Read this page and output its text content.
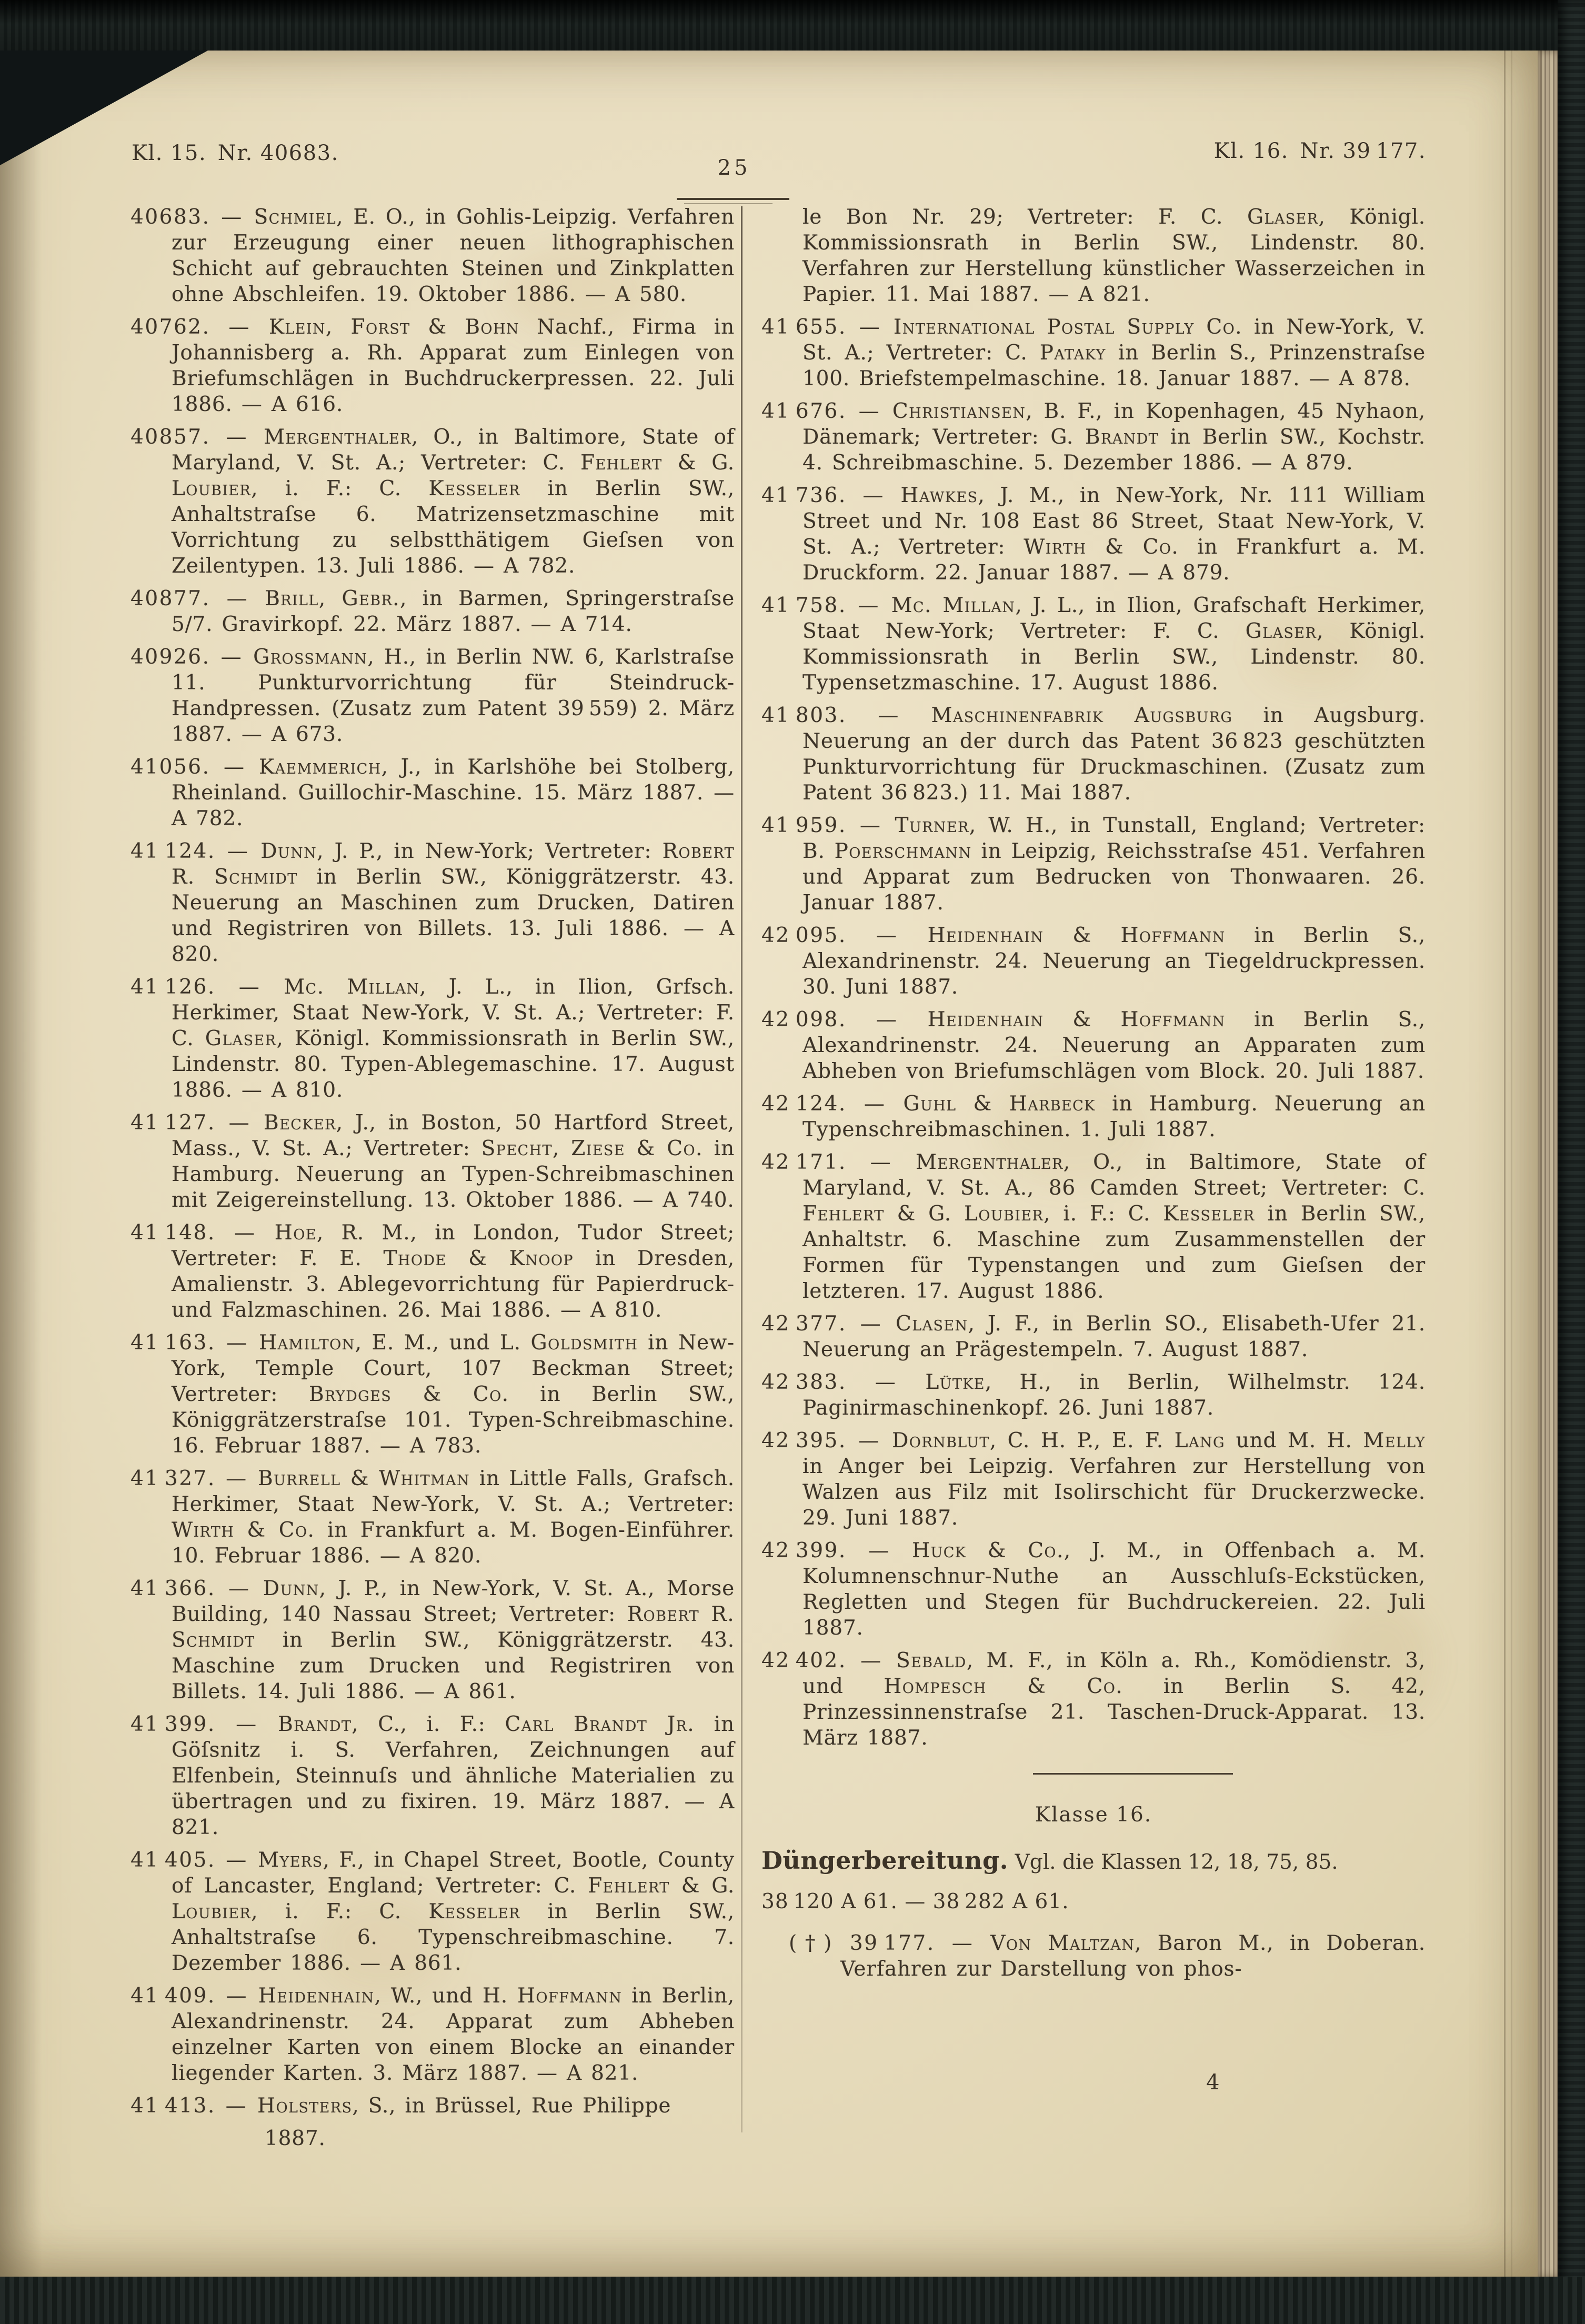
Kl. 15. Nr. 40683.
25
Kl. 16. Nr. 39 177.

40683. — Schmiel, E. O., in Gohlis-Leipzig. Verfahren zur Erzeugung einer neuen lithographischen Schicht auf gebrauchten Steinen und Zinkplatten ohne Abschleifen. 19. Oktober 1886. — A 580.

40762. — Klein, Forst & Bohn Nachf., Firma in Johannisberg a. Rh. Apparat zum Einlegen von Briefumschlägen in Buchdruckerpressen. 22. Juli 1886. — A 616.

40857. — Mergenthaler, O., in Baltimore, State of Maryland, V. St. A.; Vertreter: C. Fehlert & G. Loubier, i. F.: C. Kesseler in Berlin SW., Anhaltstraſse 6. Matrizensetzmaschine mit Vorrichtung zu selbstthätigem Gieſsen von Zeilentypen. 13. Juli 1886. — A 782.

40877. — Brill, Gebr., in Barmen, Springerstraſse 5/7. Gravirkopf. 22. März 1887. — A 714.

40926. — Grossmann, H., in Berlin NW. 6, Karlstraſse 11. Punkturvorrichtung für Steindruck-Handpressen. (Zusatz zum Patent 39 559) 2. März 1887. — A 673.

41056. — Kaemmerich, J., in Karlshöhe bei Stolberg, Rheinland. Guillochir-Maschine. 15. März 1887. — A 782.

41 124. — Dunn, J. P., in New-York; Vertreter: Robert R. Schmidt in Berlin SW., Königgrätzerstr. 43. Neuerung an Maschinen zum Drucken, Datiren und Registriren von Billets. 13. Juli 1886. — A 820.

41 126. — Mc. Millan, J. L., in Ilion, Grfsch. Herkimer, Staat New-York, V. St. A.; Vertreter: F. C. Glaser, Königl. Kommissionsrath in Berlin SW., Lindenstr. 80. Typen-Ablegemaschine. 17. August 1886. — A 810.

41 127. — Becker, J., in Boston, 50 Hartford Street, Mass., V. St. A.; Vertreter: Specht, Ziese & Co. in Hamburg. Neuerung an Typen-Schreibmaschinen mit Zeigereinstellung. 13. Oktober 1886. — A 740.

41 148. — Hoe, R. M., in London, Tudor Street; Vertreter: F. E. Thode & Knoop in Dresden, Amalienstr. 3. Ablegevorrichtung für Papierdruck- und Falzmaschinen. 26. Mai 1886. — A 810.

41 163. — Hamilton, E. M., und L. Goldsmith in New-York, Temple Court, 107 Beckman Street; Vertreter: Brydges & Co. in Berlin SW., Königgrätzerstraſse 101. Typen-Schreibmaschine. 16. Februar 1887. — A 783.

41 327. — Burrell & Whitman in Little Falls, Grafsch. Herkimer, Staat New-York, V. St. A.; Vertreter: Wirth & Co. in Frankfurt a. M. Bogen-Einführer. 10. Februar 1886. — A 820.

41 366. — Dunn, J. P., in New-York, V. St. A., Morse Building, 140 Nassau Street; Vertreter: Robert R. Schmidt in Berlin SW., Königgrätzerstr. 43. Maschine zum Drucken und Registriren von Billets. 14. Juli 1886. — A 861.

41 399. — Brandt, C., i. F.: Carl Brandt Jr. in Göſsnitz i. S. Verfahren, Zeichnungen auf Elfenbein, Steinnuſs und ähnliche Materialien zu übertragen und zu fixiren. 19. März 1887. — A 821.

41 405. — Myers, F., in Chapel Street, Bootle, County of Lancaster, England; Vertreter: C. Fehlert & G. Loubier, i. F.: C. Kesseler in Berlin SW., Anhaltstraſse 6. Typenschreibmaschine. 7. Dezember 1886. — A 861.

41 409. — Heidenhain, W., und H. Hoffmann in Berlin, Alexandrinenstr. 24. Apparat zum Abheben einzelner Karten von einem Blocke an einander liegender Karten. 3. März 1887. — A 821.

41 413. — Holsters, S., in Brüssel, Rue Philippe

1887.

le Bon Nr. 29; Vertreter: F. C. Glaser, Königl. Kommissionsrath in Berlin SW., Lindenstr. 80. Verfahren zur Herstellung künstlicher Wasserzeichen in Papier. 11. Mai 1887. — A 821.

41 655. — International Postal Supply Co. in New-York, V. St. A.; Vertreter: C. Pataky in Berlin S., Prinzenstraſse 100. Briefstempelmaschine. 18. Januar 1887. — A 878.

41 676. — Christiansen, B. F., in Kopenhagen, 45 Nyhaon, Dänemark; Vertreter: G. Brandt in Berlin SW., Kochstr. 4. Schreibmaschine. 5. Dezember 1886. — A 879.

41 736. — Hawkes, J. M., in New-York, Nr. 111 William Street und Nr. 108 East 86 Street, Staat New-York, V. St. A.; Vertreter: Wirth & Co. in Frankfurt a. M. Druckform. 22. Januar 1887. — A 879.

41 758. — Mc. Millan, J. L., in Ilion, Grafschaft Herkimer, Staat New-York; Vertreter: F. C. Glaser, Königl. Kommissionsrath in Berlin SW., Lindenstr. 80. Typensetzmaschine. 17. August 1886.

41 803. — Maschinenfabrik Augsburg in Augsburg. Neuerung an der durch das Patent 36 823 geschützten Punkturvorrichtung für Druckmaschinen. (Zusatz zum Patent 36 823.) 11. Mai 1887.

41 959. — Turner, W. H., in Tunstall, England; Vertreter: B. Poerschmann in Leipzig, Reichsstraſse 451. Verfahren und Apparat zum Bedrucken von Thonwaaren. 26. Januar 1887.

42 095. — Heidenhain & Hoffmann in Berlin S., Alexandrinenstr. 24. Neuerung an Tiegeldruckpressen. 30. Juni 1887.

42 098. — Heidenhain & Hoffmann in Berlin S., Alexandrinenstr. 24. Neuerung an Apparaten zum Abheben von Briefumschlägen vom Block. 20. Juli 1887.

42 124. — Guhl & Harbeck in Hamburg. Neuerung an Typenschreibmaschinen. 1. Juli 1887.

42 171. — Mergenthaler, O., in Baltimore, State of Maryland, V. St. A., 86 Camden Street; Vertreter: C. Fehlert & G. Loubier, i. F.: C. Kesseler in Berlin SW., Anhaltstr. 6. Maschine zum Zusammenstellen der Formen für Typenstangen und zum Gieſsen der letzteren. 17. August 1886.

42 377. — Clasen, J. F., in Berlin SO., Elisabeth-Ufer 21. Neuerung an Prägestempeln. 7. August 1887.

42 383. — Lütke, H., in Berlin, Wilhelmstr. 124. Paginirmaschinenkopf. 26. Juni 1887.

42 395. — Dornblut, C. H. P., E. F. Lang und M. H. Melly in Anger bei Leipzig. Verfahren zur Herstellung von Walzen aus Filz mit Isolirschicht für Druckerzwecke. 29. Juni 1887.

42 399. — Huck & Co., J. M., in Offenbach a. M. Kolumnenschnur-Nuthe an Ausschluſs-Eckstücken, Regletten und Stegen für Buchdruckereien. 22. Juli 1887.

42 402. — Sebald, M. F., in Köln a. Rh., Komödienstr. 3, und Hompesch & Co. in Berlin S. 42, Prinzessinnenstraſse 21. Taschen-Druck-Apparat. 13. März 1887.

Klasse 16.
Düngerbereitung. Vgl. die Klassen 12, 18, 75, 85.
38 120 A 61. — 38 282 A 61.

(†) 39 177. — Von Maltzan, Baron M., in Doberan. Verfahren zur Darstellung von phos-

4
